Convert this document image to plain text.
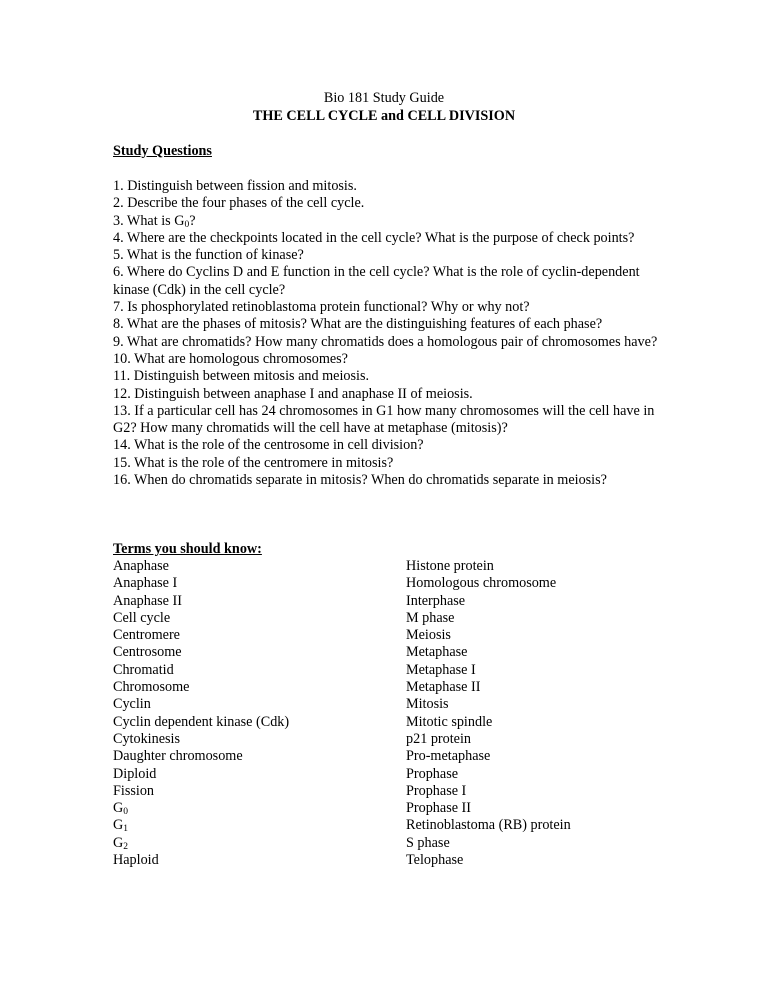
Bio 181 Study Guide
THE CELL CYCLE and CELL DIVISION
Study Questions
1. Distinguish between fission and mitosis.
2. Describe the four phases of the cell cycle.
3. What is $G_0$?
4. Where are the checkpoints located in the cell cycle? What is the purpose of check points?
5. What is the function of kinase?
6. Where do Cyclins D and E function in the cell cycle? What is the role of cyclin-dependent kinase (Cdk) in the cell cycle?
7. Is phosphorylated retinoblastoma protein functional? Why or why not?
8. What are the phases of mitosis? What are the distinguishing features of each phase?
9. What are chromatids? How many chromatids does a homologous pair of chromosomes have?
10. What are homologous chromosomes?
11. Distinguish between mitosis and meiosis.
12. Distinguish between anaphase I and anaphase II of meiosis.
13. If a particular cell has 24 chromosomes in G1 how many chromosomes will the cell have in G2? How many chromatids will the cell have at metaphase (mitosis)?
14. What is the role of the centrosome in cell division?
15. What is the role of the centromere in mitosis?
16. When do chromatids separate in mitosis? When do chromatids separate in meiosis?
Terms you should know:
Anaphase
Anaphase I
Anaphase II
Cell cycle
Centromere
Centrosome
Chromatid
Chromosome
Cyclin
Cyclin dependent kinase (Cdk)
Cytokinesis
Daughter chromosome
Diploid
Fission
$G_0$
$G_1$
$G_2$
Haploid
Histone protein
Homologous chromosome
Interphase
M phase
Meiosis
Metaphase
Metaphase I
Metaphase II
Mitosis
Mitotic spindle
p21 protein
Pro-metaphase
Prophase
Prophase I
Prophase II
Retinoblastoma (RB) protein
S phase
Telophase
